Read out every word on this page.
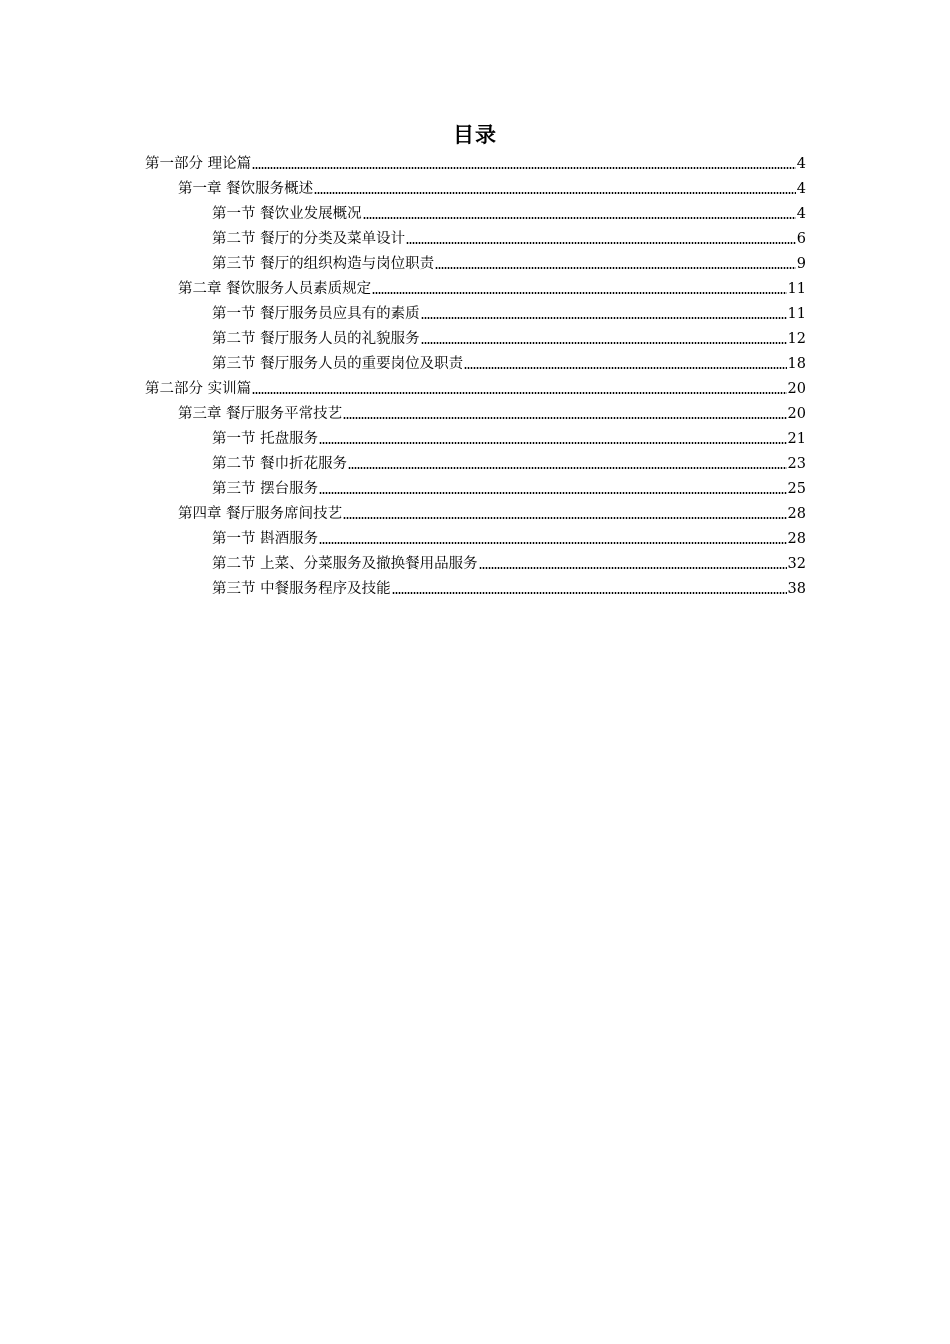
目录
第一部分 理论篇	4
第一章 餐饮服务概述	4
第一节 餐饮业发展概况	4
第二节 餐厅的分类及菜单设计	6
第三节 餐厅的组织构造与岗位职责	9
第二章 餐饮服务人员素质规定	11
第一节 餐厅服务员应具有的素质	11
第二节 餐厅服务人员的礼貌服务	12
第三节 餐厅服务人员的重要岗位及职责	18
第二部分 实训篇	20
第三章 餐厅服务平常技艺	20
第一节 托盘服务	21
第二节 餐巾折花服务	23
第三节 摆台服务	25
第四章 餐厅服务席间技艺	28
第一节 斟酒服务	28
第二节 上菜、分菜服务及撤换餐用品服务	32
第三节 中餐服务程序及技能	38
